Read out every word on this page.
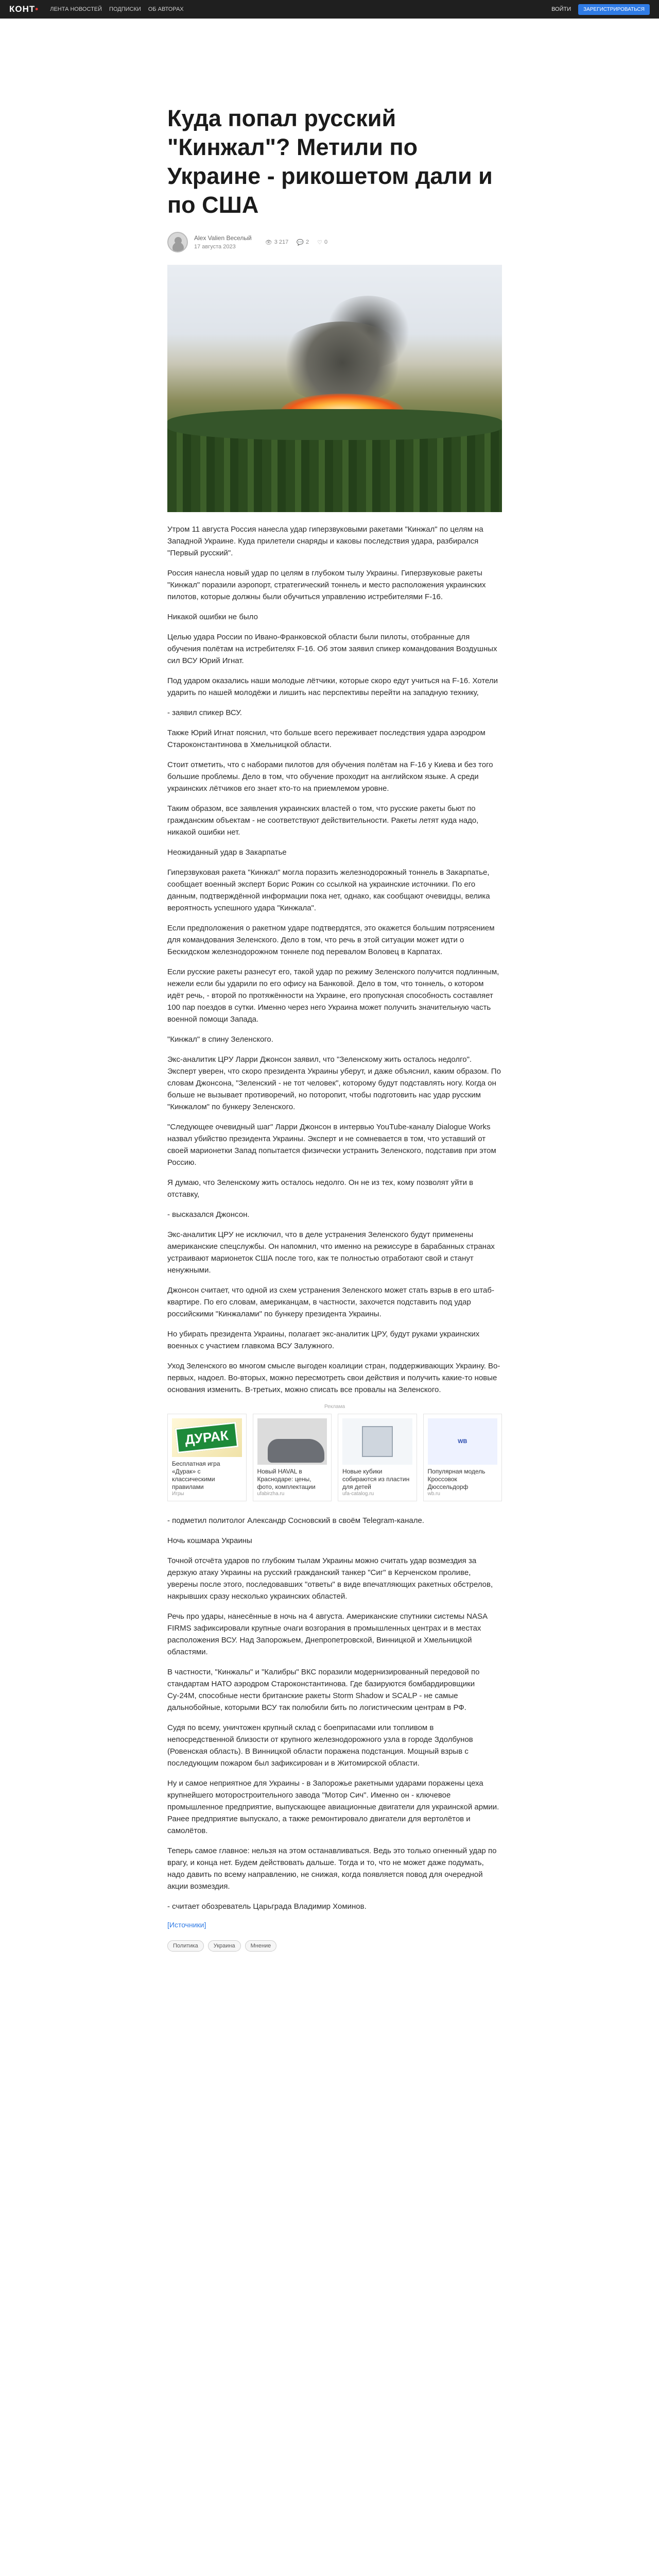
КОНТ• ЛЕНТА НОВОСТЕЙ ПОДПИСКИ ОБ АВТОРАХ	ВОЙТИ	ЗАРЕГИСТРИРОВАТЬСЯ
Куда попал русский "Кинжал"? Метили по Украине - рикошетом дали и по США
Alex Valien Веселый
17 августа 2023
👁 3 217 💬 2 ♡ 0

Утром 11 августа Россия нанесла удар гиперзвуковыми ракетами "Кинжал" по целям на Западной Украине. Куда прилетели снаряды и каковы последствия удара, разбирался "Первый русский".

Россия нанесла новый удар по целям в глубоком тылу Украины. Гиперзвуковые ракеты "Кинжал" поразили аэропорт, стратегический тоннель и место расположения украинских пилотов, которые должны были обучиться управлению истребителями F-16.

Никакой ошибки не было

Целью удара России по Ивано-Франковской области были пилоты, отобранные для обучения полётам на истребителях F-16. Об этом заявил спикер командования Воздушных сил ВСУ Юрий Игнат.

Под ударом оказались наши молодые лётчики, которые скоро едут учиться на F-16. Хотели ударить по нашей молодёжи и лишить нас перспективы перейти на западную технику,

- заявил спикер ВСУ.

Также Юрий Игнат пояснил, что больше всего переживает последствия удара аэродром Староконстантинова в Хмельницкой области.

Стоит отметить, что с наборами пилотов для обучения полётам на F-16 у Киева и без того большие проблемы. Дело в том, что обучение проходит на английском языке. А среди украинских лётчиков его знает кто-то на приемлемом уровне.

Таким образом, все заявления украинских властей о том, что русские ракеты бьют по гражданским объектам - не соответствуют действительности. Ракеты летят куда надо, никакой ошибки нет.

Неожиданный удар в Закарпатье

Гиперзвуковая ракета "Кинжал" могла поразить железнодорожный тоннель в Закарпатье, сообщает военный эксперт Борис Рожин со ссылкой на украинские источники. По его данным, подтверждённой информации пока нет, однако, как сообщают очевидцы, велика вероятность успешного удара "Кинжала".

Если предположения о ракетном ударе подтвердятся, это окажется большим потрясением для командования Зеленского. Дело в том, что речь в этой ситуации может идти о Бескидском железнодорожном тоннеле под перевалом Воловец в Карпатах.

Если русские ракеты разнесут его, такой удар по режиму Зеленского получится подлинным, нежели если бы ударили по его офису на Банковой. Дело в том, что тоннель, о котором идёт речь, - второй по протяжённости на Украине, его пропускная способность составляет 100 пар поездов в сутки. Именно через него Украина может получить значительную часть военной помощи Запада.

"Кинжал" в спину Зеленского.

Экс-аналитик ЦРУ Ларри Джонсон заявил, что "Зеленскому жить осталось недолго". Эксперт уверен, что скоро президента Украины уберут, и даже объяснил, каким образом. По словам Джонсона, "Зеленский - не тот человек", которому будут подставлять ногу. Когда он больше не вызывает противоречий, но поторопит, чтобы подготовить нас удар русским "Кинжалом" по бункеру Зеленского.

"Следующее очевидный шаг" Ларри Джонсон в интервью YouTube-каналу Dialogue Works назвал убийство президента Украины. Эксперт и не сомневается в том, что уставший от своей марионетки Запад попытается физически устранить Зеленского, подставив при этом Россию.

Я думаю, что Зеленскому жить осталось недолго. Он не из тех, кому позволят уйти в отставку,

- высказался Джонсон.

Экс-аналитик ЦРУ не исключил, что в деле устранения Зеленского будут применены американские спецслужбы. Он напомнил, что именно на режиссуре в барабанных странах устраивают марионеток США после того, как те полностью отработают свой и станут ненужными.

Джонсон считает, что одной из схем устранения Зеленского может стать взрыв в его штаб-квартире. По его словам, американцам, в частности, захочется подставить под удар российскими "Кинжалами" по бункеру президента Украины.

Но убирать президента Украины, полагает экс-аналитик ЦРУ, будут руками украинских военных с участием главкома ВСУ Залужного.

Уход Зеленского во многом смысле выгоден коалиции стран, поддерживающих Украину. Во-первых, надоел. Во-вторых, можно пересмотреть свои действия и получить какие-то новые основания изменить. В-третьих, можно списать все провалы на Зеленского.

Реклама
ДУРАК
Бесплатная игра «Дурак» с классическими правилами
Игры
Новый HAVAL в Краснодаре: цены, фото, комплектации
ufabirzha.ru
Новые кубики собираются из пластин для детей
ufa-catalog.ru
WB
Популярная модель Кроссовок Дюссельдорф
wb.ru

- подметил политолог Александр Сосновский в своём Telegram-канале.

Ночь кошмара Украины

Точной отсчёта ударов по глубоким тылам Украины можно считать удар возмездия за дерзкую атаку Украины на русский гражданский танкер "Сиг" в Керченском проливе, уверены после этого, последовавших "ответы" в виде впечатляющих ракетных обстрелов, накрывших сразу несколько украинских областей.

Речь про удары, нанесённые в ночь на 4 августа. Американские спутники системы NASA FIRMS зафиксировали крупные очаги возгорания в промышленных центрах и в местах расположения ВСУ. Над Запорожьем, Днепропетровской, Винницкой и Хмельницкой областями.

В частности, "Кинжалы" и "Калибры" ВКС поразили модернизированный передовой по стандартам НАТО аэродром Староконстантинова. Где базируются бомбардировщики Су-24М, способные нести британские ракеты Storm Shadow и SCALP - не самые дальнобойные, которыми ВСУ так полюбили бить по логистическим центрам в РФ.

Судя по всему, уничтожен крупный склад с боеприпасами или топливом в непосредственной близости от крупного железнодорожного узла в городе Здолбунов (Ровенская область). В Винницкой области поражена подстанция. Мощный взрыв с последующим пожаром был зафиксирован и в Житомирской области.

Ну и самое неприятное для Украины - в Запорожье ракетными ударами поражены цеха крупнейшего моторостроительного завода "Мотор Сич". Именно он - ключевое промышленное предприятие, выпускающее авиационные двигатели для украинской армии. Ранее предприятие выпускало, а также ремонтировало двигатели для вертолётов и самолётов.

Теперь самое главное: нельзя на этом останавливаться. Ведь это только огненный удар по врагу, и конца нет. Будем действовать дальше. Тогда и то, что не может даже подумать, надо давить по всему направлению, не снижая, когда появляется повод для очередной акции возмездия.

- считает обозреватель Царьграда Владимир Хоминов.

[Источники]
Политика	Украина	Мнение
